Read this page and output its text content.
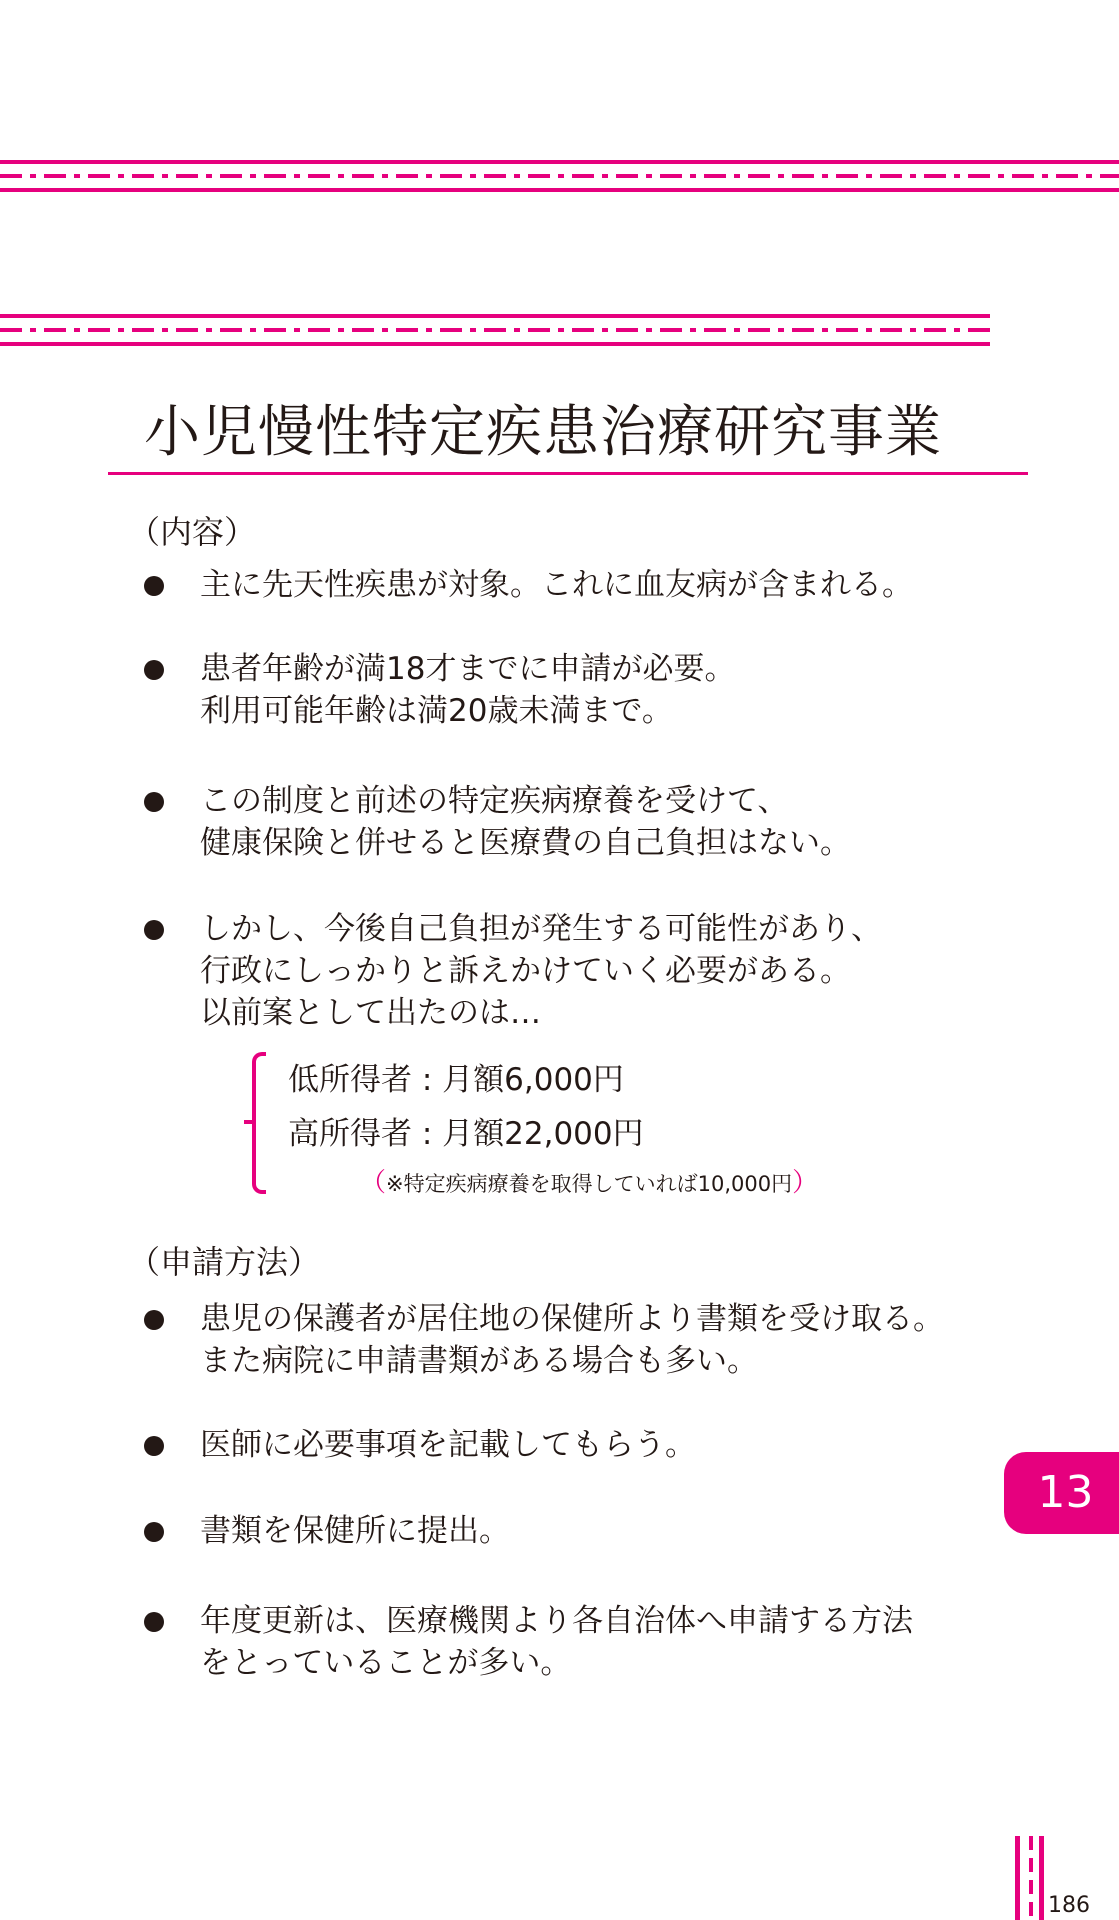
小児慢性特定疾患治療研究事業
（内容）
主に先天性疾患が対象。これに血友病が含まれる。
患者年齢が満18才までに申請が必要。
利用可能年齢は満20歳未満まで。
この制度と前述の特定疾病療養を受けて、
健康保険と併せると医療費の自己負担はない。
しかし、今後自己負担が発生する可能性があり、
行政にしっかりと訴えかけていく必要がある。
以前案として出たのは…
低所得者 : 月額6,000円
高所得者 : 月額22,000円
（※特定疾病療養を取得していれば10,000円）
（申請方法）
患児の保護者が居住地の保健所より書類を受け取る。
また病院に申請書類がある場合も多い。
医師に必要事項を記載してもらう。
書類を保健所に提出。
年度更新は、医療機関より各自治体へ申請する方法
をとっていることが多い。
13
186
